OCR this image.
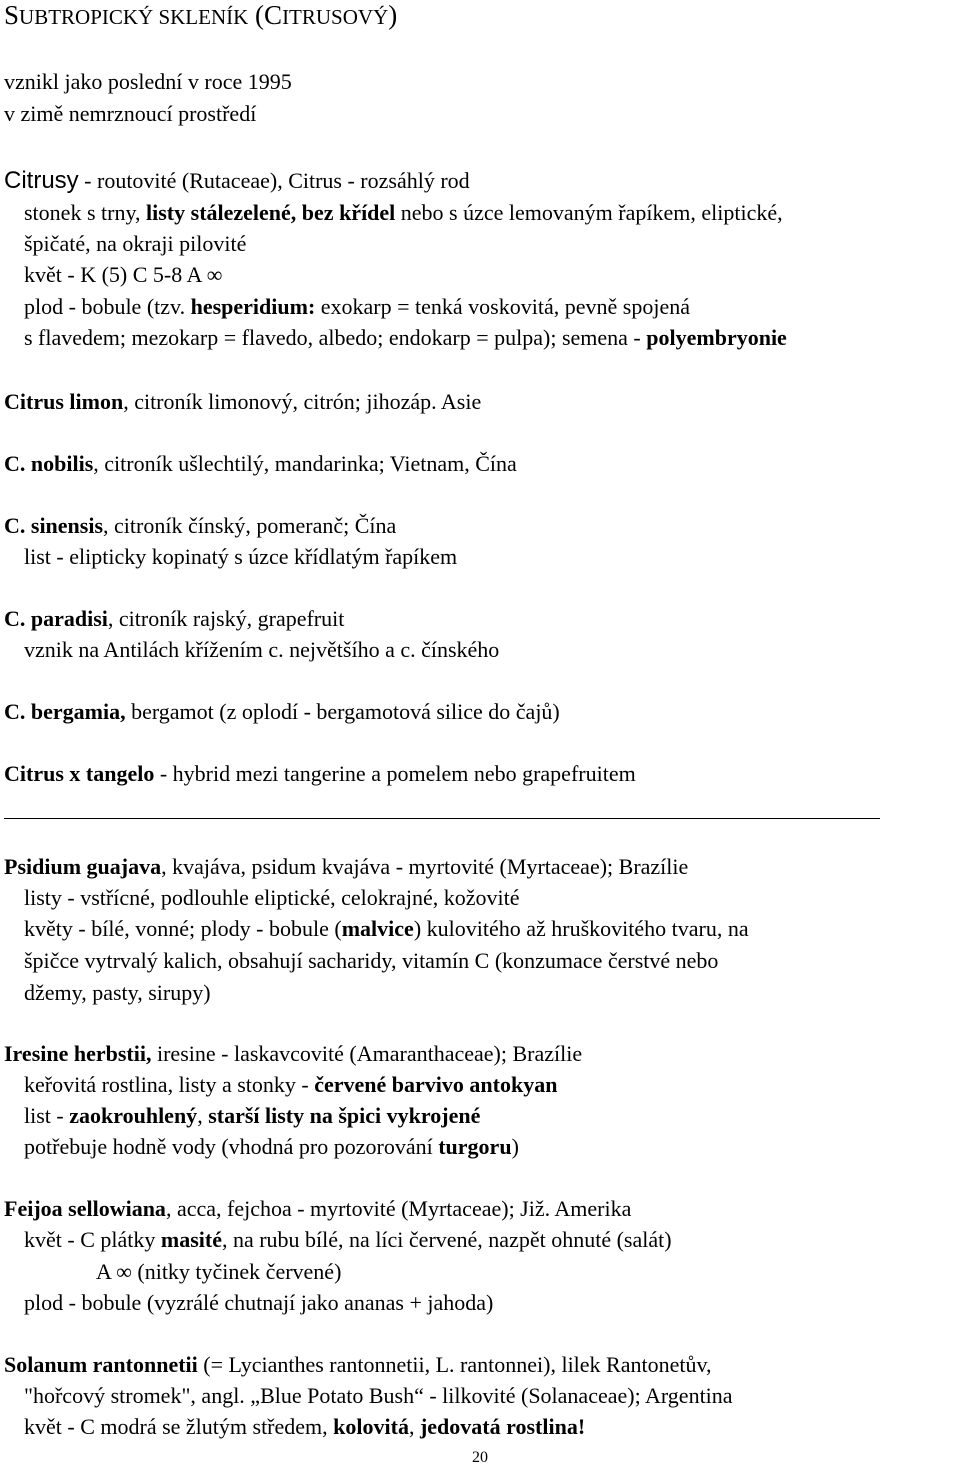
SUBTROPICKÝ SKLENÍK (CITRUSOVÝ)
vznikl jako poslední v roce 1995
v zimě nemrznoucí prostředí
Citrusy - routovité (Rutaceae), Citrus - rozsáhlý rod
stonek s trny, listy stálezelené, bez křídel nebo s úzce lemovaným řapíkem, eliptické,
špičaté, na okraji pilovité
květ - K (5) C 5-8 A ∞
plod - bobule (tzv. hesperidium: exokarp = tenká voskovitá, pevně spojená
s flavedem; mezokarp = flavedo, albedo; endokarp = pulpa); semena - polyembryonie
Citrus limon, citroník limonový, citrón; jihozáp. Asie
C. nobilis, citroník ušlechtilý, mandarinka; Vietnam, Čína
C. sinensis, citroník čínský, pomeranč; Čína
list - elipticky kopinatý s úzce křídlatým řapíkem
C. paradisi, citroník rajský, grapefruit
vznik na Antilách křížením c. největšího a c. čínského
C. bergamia, bergamot (z oplodí - bergamotová silice do čajů)
Citrus x tangelo - hybrid mezi tangerine a pomelem nebo grapefruitem
Psidium guajava, kvajáva, psidum kvajáva - myrtovité (Myrtaceae); Brazílie
listy - vstřícné, podlouhle eliptické, celokrajné, kožovité
květy - bílé, vonné; plody - bobule (malvice) kulovitého až hruškovitého tvaru, na
špičce vytrvalý kalich, obsahují sacharidy, vitamín C (konzumace čerstvé nebo
džemy, pasty, sirupy)
Iresine herbstii, iresine - laskavcovité (Amaranthaceae); Brazílie
keřovitá rostlina, listy a stonky - červené barvivo antokyan
list - zaokrouhlený, starší listy na špici vykrojené
potřebuje hodně vody (vhodná pro pozorování turgoru)
Feijoa sellowiana, acca, fejchoa - myrtovité (Myrtaceae); Již. Amerika
květ - C plátky masité, na rubu bílé, na líci červené, nazpět ohnuté (salát)
A ∞ (nitky tyčinek červené)
plod - bobule (vyzrálé chutnají jako ananas + jahoda)
Solanum rantonnetii (= Lycianthes rantonnetii, L. rantonnei), lilek Rantonetův,
"hořcový stromek", angl. „Blue Potato Bush“ - lilkovité (Solanaceae); Argentina
květ - C modrá se žlutým středem, kolovitá, jedovatá rostlina!
20
